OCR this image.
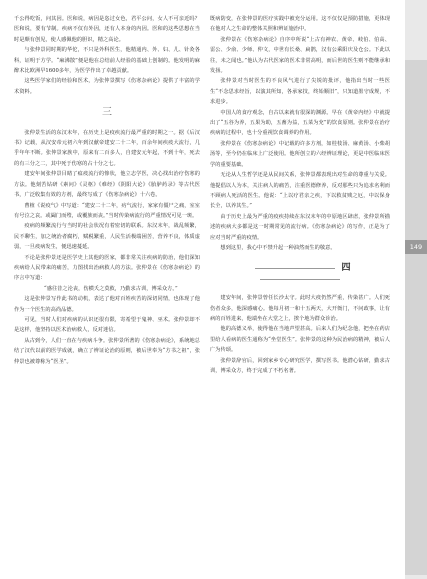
千公得吃饭，问其因。医和说，病因是恣过女色，君平公问，女人不可亲近吗？医和说，要有节制。疾病不仅有外因，还有人本身的内因。医和的这些思想在当时是颇有创见，使人感佩他的胆识，精之高论。

与张仲景同时期的华佗，不只是外科医生，他精通内、外、妇、儿、针灸各科，证明于方学。“麻沸散”便是他在总结前人经验的基础上创制的。他发明的麻醉术比欧洲早1600多年，为医学作出了卓越贡献。

这些医学家们的经验和医术，为张仲景撰写《伤寒杂病论》提供了丰富的学术资料。

三

张仲景生活的东汉末年，在历史上是疫疾流行最严重的时期之一。据《后汉书》记载，从汉安帝元初六年到汉献帝建安二十二年，百余年间疾疫大流行，几乎年年不断。张仲景家族中，原来有二百多人，自建安元年起，不到十年，死去的有三分之二，其中死于伤寒的占十分之七。

建安年间张仲景目睹了瘟疫流行的惨状，他立志学医，决心找出治疗伤寒的方法。他刻苦钻研《素问》《灵枢》《难经》《阴阳大论》《胎胪药录》等古代医书，广泛收集有效的方剂，最终写成了《伤寒杂病论》十六卷。

曹植《说疫气》中写道：“建安二十二年，疠气流行，家家有僵尸之痛，室室有号泣之哀。或阖门而殪，或覆族而丧。”当时传染病流行的严重情况可见一斑。

疫病的频繁流行与当时的社会状况有着密切的联系。东汉末年，战乱频繁，民不聊生，加之统治者腐朽，赋税繁重，人民生活极端困苦，营养不良，体质虚弱，一旦疫病发生，便迅速蔓延。

不论是张仲景还是医学史上其他的医家，都非常关注疾病的防治，他们深知疾病给人民带来的痛苦，力图找出治病救人的方法。张仲景在《伤寒杂病论》的序言中写道：

“感往昔之沦丧，伤横夭之莫救，乃勤求古训，博采众方。”

这是张仲景写作此书的动机，表达了他对百姓疾苦的深切同情，也体现了他作为一个医生的高尚品德。

可见，当时人们对疾病的认识还很有限，寄希望于鬼神、巫术。张仲景却不是这样，他坚持以医术治病救人，反对迷信。

从古到今，人们一直在与疾病斗争。张仲景所著的《伤寒杂病论》，系统地总结了汉代以前的医学成就，确立了辨证论治的原则，被后世奉为“方书之祖”，张仲景也被尊称为“医圣”。

既病防变，在张仲景的医疗实践中被充分运用。这不仅仅是预防措施，更体现在他对人之生命的整体关照和辨证施治中。

张仲景在《伤寒杂病论》自序中所说“上古有神农、黄帝、岐伯、伯高、雷公、少俞、少师、仲文，中世有长桑、扁鹊，汉有公乘阳庆及仓公。下此以往，未之闻也。”他认为古代医家的医术非常高明，而后世的医生则不能继承和发扬。

张仲景对当时医生的不良风气进行了尖锐的批评，他指出当时一些医生“不念思求经旨，以演其所知，各承家技，终始顺旧”，只知道墨守成规，不求进步。

中国人的食疗观念，自古以来就有很深的渊源。早在《黄帝内经》中就提出了“五谷为养，五果为助，五畜为益，五菜为充”的饮食原则。张仲景在治疗疾病的过程中，也十分重视饮食调养的作用。

张仲景在《伤寒杂病论》中记载的许多方剂，如桂枝汤、麻黄汤、小柴胡汤等，至今仍在临床上广泛使用。他所创立的六经辨证理论，更是中医临床医学的重要基础。

无论从人生哲学还是从民间关系，张仲景都表现出对生命的尊重与关爱。他提倡以人为本，关注病人的痛苦，注重医德修养，反对那些只为追求名利而不顾病人死活的医生。他说：“上以疗君亲之疾，下以救贫贱之厄，中以保身长全，以养其生。”

由于历史上最为严重的疫疾持续在东汉末年的中原地区肆虐，张仲景所描述的疾病大多都是这一时期常见的流行病。《伤寒杂病论》的写作，正是为了应对当时严重的疫情。

想到这里，我心中不禁升起一种油然而生的敬意。

四

建安年间，张仲景曾任长沙太守。此时大疫仍然严重，传染甚广。人们死伤者众多，他深感痛心。他每月初一和十五两天，大开衙门，不问政事，让有病的百姓进来，他端坐在大堂之上，挨个地为群众诊治。

他的高德义举，使得他在当地声望甚高。后来人们为纪念他，把坐在药店里给人看病的医生通称为“坐堂医生”。张仲景的这种为民治病的精神，被后人广为传颂。

张仲景辞官后，回到家乡专心研究医学，撰写医书。他潜心钻研，勤求古训，博采众方，终于完成了不朽名著。

149
